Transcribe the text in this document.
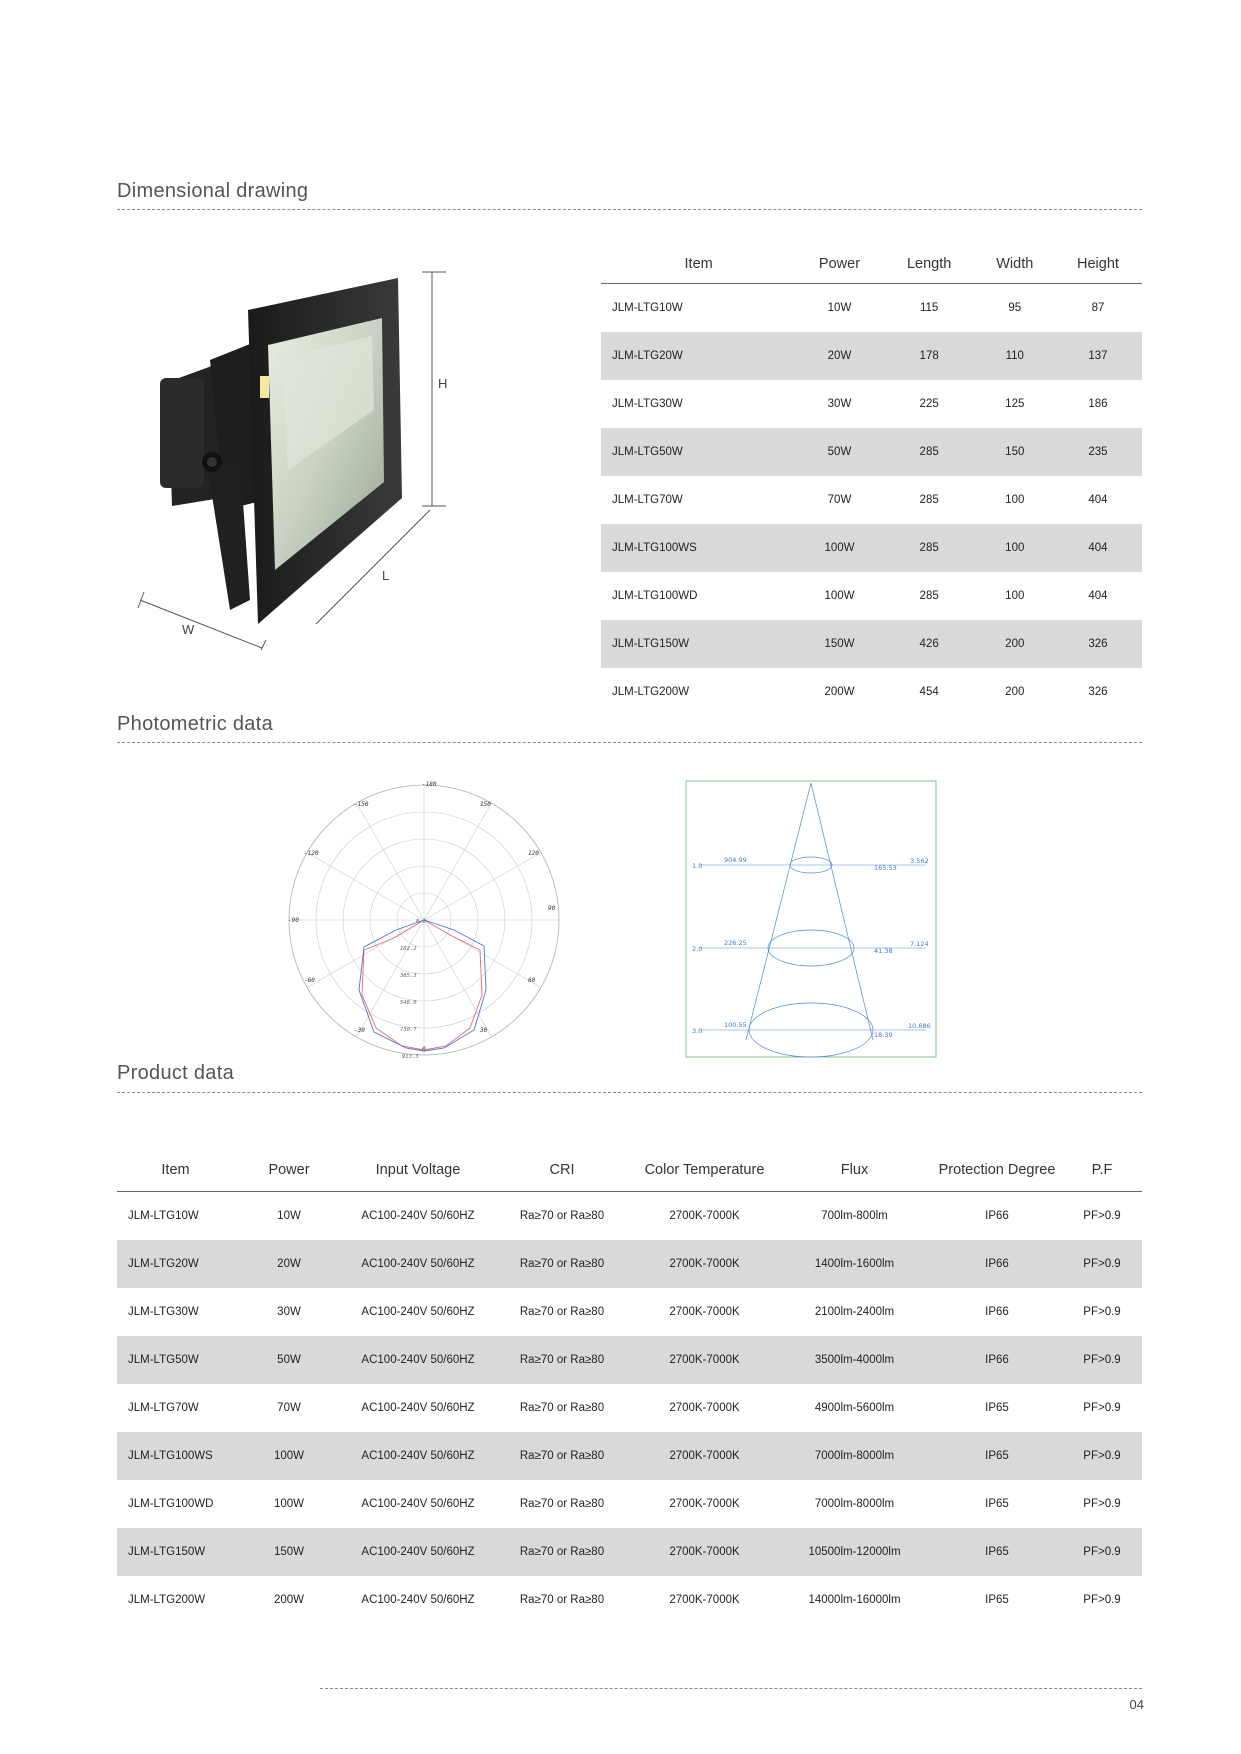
Dimensional drawing
H
L
W
Item	Power	Length	Width	Height
JLM-LTG10W	10W	115	95	87
JLM-LTG20W	20W	178	110	137
JLM-LTG30W	30W	225	125	186
JLM-LTG50W	50W	285	150	235
JLM-LTG70W	70W	285	100	404
JLM-LTG100WS	100W	285	100	404
JLM-LTG100WD	100W	285	100	404
JLM-LTG150W	150W	426	200	326
JLM-LTG200W	200W	454	200	326
Photometric data
-180
-150	150
-120	120
-90
90
-60	60
-30	30
0
0.0
182.2
365.3
548.0
730.7
913.3
1.0
904.99
165.53
3.562
2.0
226.25
41.38
7.124
3.0
100.55
18.39
10.686
Product data
Item	Power	Input Voltage	CRI	Color Temperature	Flux	Protection Degree	P.F
JLM-LTG10W	10W	AC100-240V 50/60HZ	Ra≥70 or Ra≥80	2700K-7000K	700lm-800lm	IP66	PF>0.9
JLM-LTG20W	20W	AC100-240V 50/60HZ	Ra≥70 or Ra≥80	2700K-7000K	1400lm-1600lm	IP66	PF>0.9
JLM-LTG30W	30W	AC100-240V 50/60HZ	Ra≥70 or Ra≥80	2700K-7000K	2100lm-2400lm	IP66	PF>0.9
JLM-LTG50W	50W	AC100-240V 50/60HZ	Ra≥70 or Ra≥80	2700K-7000K	3500lm-4000lm	IP66	PF>0.9
JLM-LTG70W	70W	AC100-240V 50/60HZ	Ra≥70 or Ra≥80	2700K-7000K	4900lm-5600lm	IP65	PF>0.9
JLM-LTG100WS	100W	AC100-240V 50/60HZ	Ra≥70 or Ra≥80	2700K-7000K	7000lm-8000lm	IP65	PF>0.9
JLM-LTG100WD	100W	AC100-240V 50/60HZ	Ra≥70 or Ra≥80	2700K-7000K	7000lm-8000lm	IP65	PF>0.9
JLM-LTG150W	150W	AC100-240V 50/60HZ	Ra≥70 or Ra≥80	2700K-7000K	10500lm-12000lm	IP65	PF>0.9
JLM-LTG200W	200W	AC100-240V 50/60HZ	Ra≥70 or Ra≥80	2700K-7000K	14000lm-16000lm	IP65	PF>0.9
04
